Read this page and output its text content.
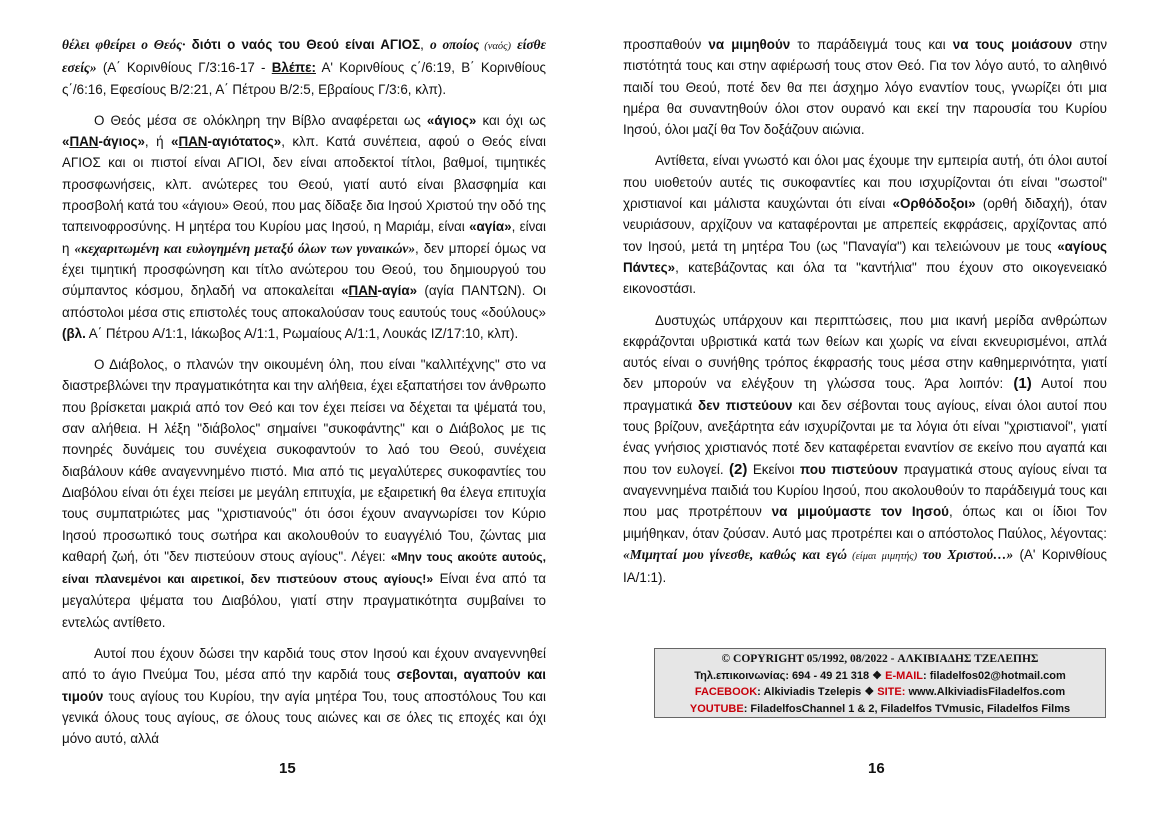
θέλει φθείρει ο Θεός· διότι ο ναός του Θεού είναι ΑΓΙΟΣ, ο οποίος (ναός) είσθε εσείς» (Α΄ Κορινθίους Γ/3:16-17 - Βλέπε: Α' Κορινθίους ς΄/6:19, Β΄ Κορινθίους ς΄/6:16, Εφεσίους Β/2:21, Α΄ Πέτρου Β/2:5, Εβραίους Γ/3:6, κλπ).

Ο Θεός μέσα σε ολόκληρη την Βίβλο αναφέρεται ως «άγιος» και όχι ως «ΠΑΝ-άγιος», ή «ΠΑΝ-αγιότατος», κλπ. Κατά συνέπεια, αφού ο Θεός είναι ΑΓΙΟΣ και οι πιστοί είναι ΑΓΙΟΙ, δεν είναι αποδεκτοί τίτλοι, βαθμοί, τιμητικές προσφωνήσεις, κλπ. ανώτερες του Θεού, γιατί αυτό είναι βλασφημία και προσβολή κατά του «άγιου» Θεού, που μας δίδαξε δια Ιησού Χριστού την οδό της ταπεινοφροσύνης. Η μητέρα του Κυρίου μας Ιησού, η Μαριάμ, είναι «αγία», είναι η «κεχαριτωμένη και ευλογημένη μεταξύ όλων των γυναικών», δεν μπορεί όμως να έχει τιμητική προσφώνηση και τίτλο ανώτερου του Θεού, του δημιουργού του σύμπαντος κόσμου, δηλαδή να αποκαλείται «ΠΑΝ-αγία» (αγία ΠΑΝΤΩΝ). Οι απόστολοι μέσα στις επιστολές τους αποκαλούσαν τους εαυτούς τους «δούλους» (βλ. Α΄ Πέτρου Α/1:1, Ιάκωβος Α/1:1, Ρωμαίους Α/1:1, Λουκάς ΙΖ/17:10, κλπ).

Ο Διάβολος, ο πλανών την οικουμένη όλη, που είναι "καλλιτέχνης" στο να διαστρεβλώνει την πραγματικότητα και την αλήθεια, έχει εξαπατήσει τον άνθρωπο που βρίσκεται μακριά από τον Θεό και τον έχει πείσει να δέχεται τα ψέματά του, σαν αλήθεια. Η λέξη "διάβολος" σημαίνει "συκοφάντης" και ο Διάβολος με τις πονηρές δυνάμεις του συνέχεια συκοφαντούν το λαό του Θεού, συνέχεια διαβάλουν κάθε αναγεννημένο πιστό. Μια από τις μεγαλύτερες συκοφαντίες του Διαβόλου είναι ότι έχει πείσει με μεγάλη επιτυχία, με εξαιρετική θα έλεγα επιτυχία τους συμπατριώτες μας "χριστιανούς" ότι όσοι έχουν αναγνωρίσει τον Κύριο Ιησού προσωπικό τους σωτήρα και ακολουθούν το ευαγγέλιό Του, ζώντας μια καθαρή ζωή, ότι "δεν πιστεύουν στους αγίους". Λέγει: «Μην τους ακούτε αυτούς, είναι πλανεμένοι και αιρετικοί, δεν πιστεύουν στους αγίους!» Είναι ένα από τα μεγαλύτερα ψέματα του Διαβόλου, γιατί στην πραγματικότητα συμβαίνει το εντελώς αντίθετο.

Αυτοί που έχουν δώσει την καρδιά τους στον Ιησού και έχουν αναγεννηθεί από το άγιο Πνεύμα Του, μέσα από την καρδιά τους σεβονται, αγαπούν και τιμούν τους αγίους του Κυρίου, την αγία μητέρα Του, τους αποστόλους Του και γενικά όλους τους αγίους, σε όλους τους αιώνες και σε όλες τις εποχές και όχι μόνο αυτό, αλλά

15

προσπαθούν να μιμηθούν το παράδειγμά τους και να τους μοιάσουν στην πιστότητά τους και στην αφιέρωσή τους στον Θεό. Για τον λόγο αυτό, το αληθινό παιδί του Θεού, ποτέ δεν θα πει άσχημο λόγο εναντίον τους, γνωρίζει ότι μια ημέρα θα συναντηθούν όλοι στον ουρανό και εκεί την παρουσία του Κυρίου Ιησού, όλοι μαζί θα Τον δοξάζουν αιώνια.

Αντίθετα, είναι γνωστό και όλοι μας έχουμε την εμπειρία αυτή, ότι όλοι αυτοί που υιοθετούν αυτές τις συκοφαντίες και που ισχυρίζονται ότι είναι "σωστοί" χριστιανοί και μάλιστα καυχώνται ότι είναι «Ορθόδοξοι» (ορθή διδαχή), όταν νευριάσουν, αρχίζουν να καταφέρονται με απρεπείς εκφράσεις, αρχίζοντας από τον Ιησού, μετά τη μητέρα Του (ως "Παναγία") και τελειώνουν με τους «αγίους Πάντες», κατεβάζοντας και όλα τα "καντήλια" που έχουν στο οικογενειακό εικονοστάσι.

Δυστυχώς υπάρχουν και περιπτώσεις, που μια ικανή μερίδα ανθρώπων εκφράζονται υβριστικά κατά των θείων και χωρίς να είναι εκνευρισμένοι, απλά αυτός είναι ο συνήθης τρόπος έκφρασής τους μέσα στην καθημερινότητα, γιατί δεν μπορούν να ελέγξουν τη γλώσσα τους. Άρα λοιπόν: (1) Αυτοί που πραγματικά δεν πιστεύουν και δεν σέβονται τους αγίους, είναι όλοι αυτοί που τους βρίζουν, ανεξάρτητα εάν ισχυρίζονται με τα λόγια ότι είναι "χριστιανοί", γιατί ένας γνήσιος χριστιανός ποτέ δεν καταφέρεται εναντίον σε εκείνο που αγαπά και που τον ευλογεί. (2) Εκείνοι που πιστεύουν πραγματικά στους αγίους είναι τα αναγεννημένα παιδιά του Κυρίου Ιησού, που ακολουθούν το παράδειγμά τους και που μας προτρέπουν να μιμούμαστε τον Ιησού, όπως και οι ίδιοι Τον μιμήθηκαν, όταν ζούσαν. Αυτό μας προτρέπει και ο απόστολος Παύλος, λέγοντας: «Μιμηταί μου γίνεσθε, καθώς και εγώ (είμαι μιμητής) του Χριστού…» (Α' Κορινθίους ΙΑ/1:1).

© COPYRIGHT 05/1992, 08/2022 - ΑΛΚΙΒΙΑΔΗΣ ΤΖΕΛΕΠΗΣ
Τηλ.επικοινωνίας: 694 - 49 21 318 ❖ E-MAIL: filadelfos02@hotmail.com
FACEBOOK: Alkiviadis Tzelepis ❖ SITE: www.AlkiviadisFiladelfos.com
YOUTUBE: FiladelfosChannel 1 & 2, Filadelfos TVmusic, Filadelfos Films
16
